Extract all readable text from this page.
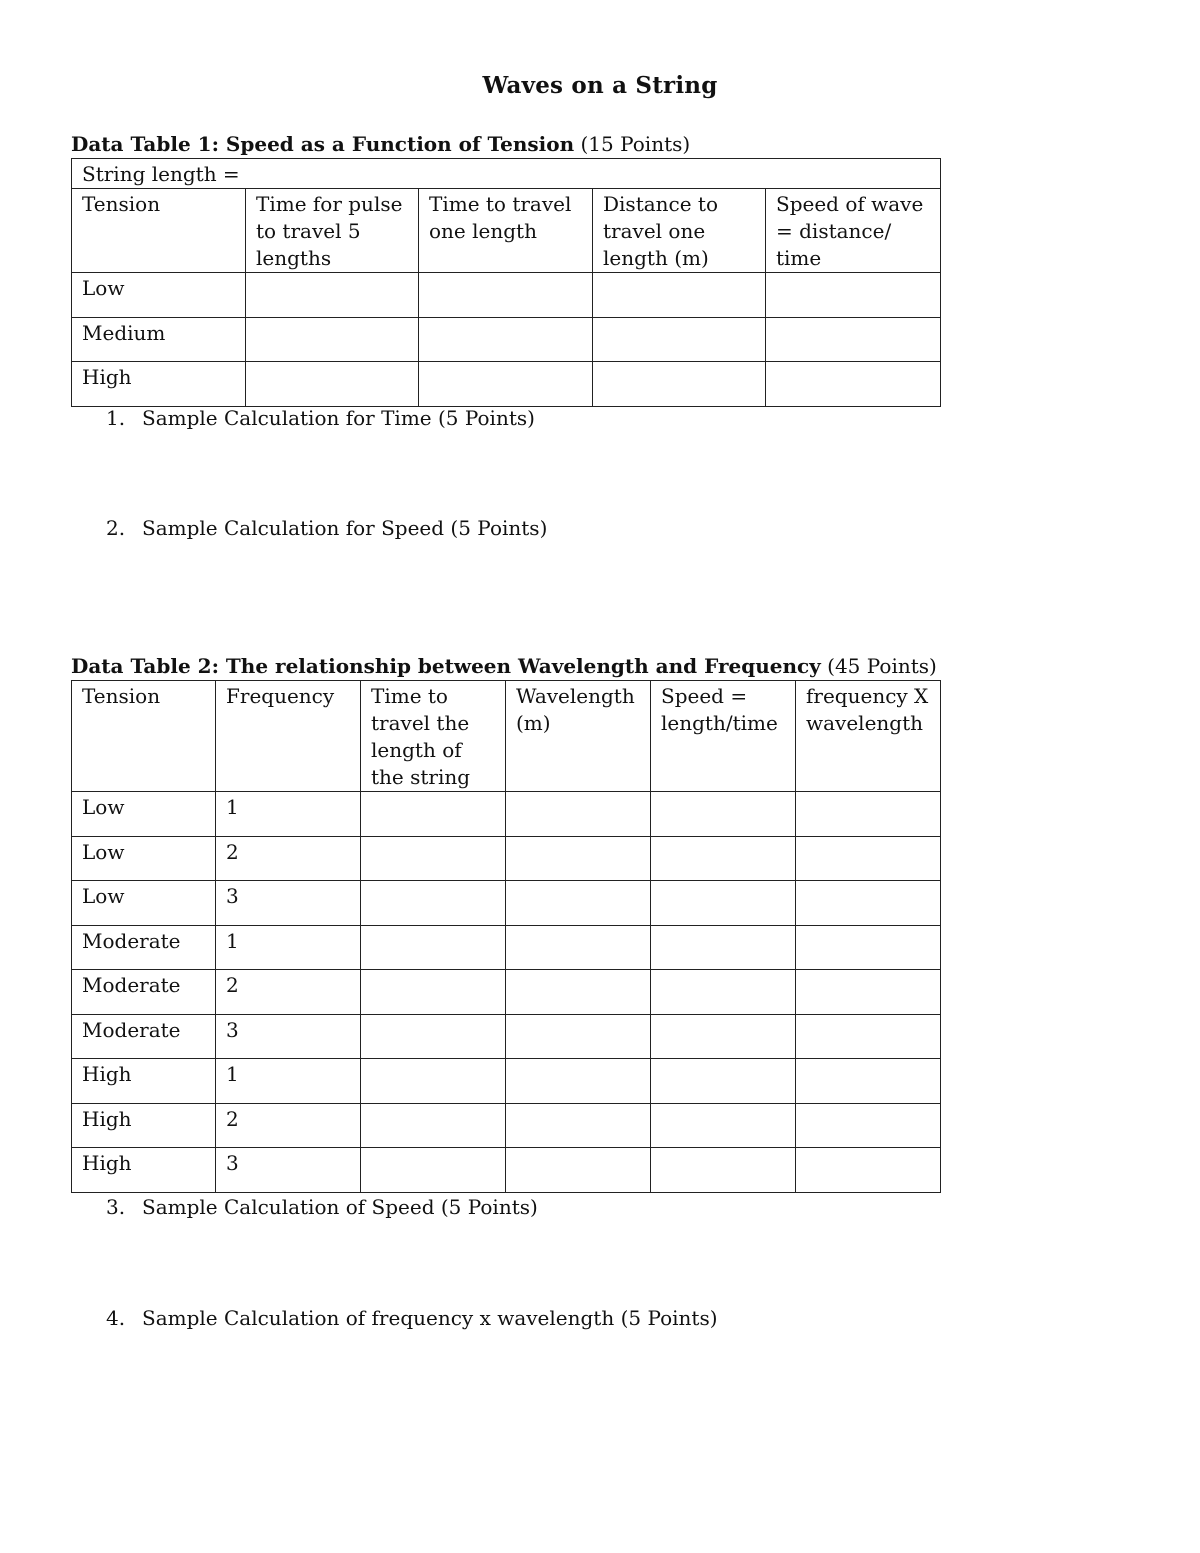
Waves on a String
Data Table 1: Speed as a Function of Tension (15 Points)
String length =				
Tension	Time for pulse to travel 5 lengths	Time to travel one length	Distance to travel one length (m)	Speed of wave = distance/ time
Low				
Medium				
High				
1. Sample Calculation for Time (5 Points)
2. Sample Calculation for Speed (5 Points)
Data Table 2: The relationship between Wavelength and Frequency (45 Points)
Tension	Frequency	Time to travel the length of the string	Wavelength (m)	Speed = length/time	frequency X wavelength
Low	1				
Low	2				
Low	3				
Moderate	1				
Moderate	2				
Moderate	3				
High	1				
High	2				
High	3				
3. Sample Calculation of Speed (5 Points)
4. Sample Calculation of frequency x wavelength (5 Points)
